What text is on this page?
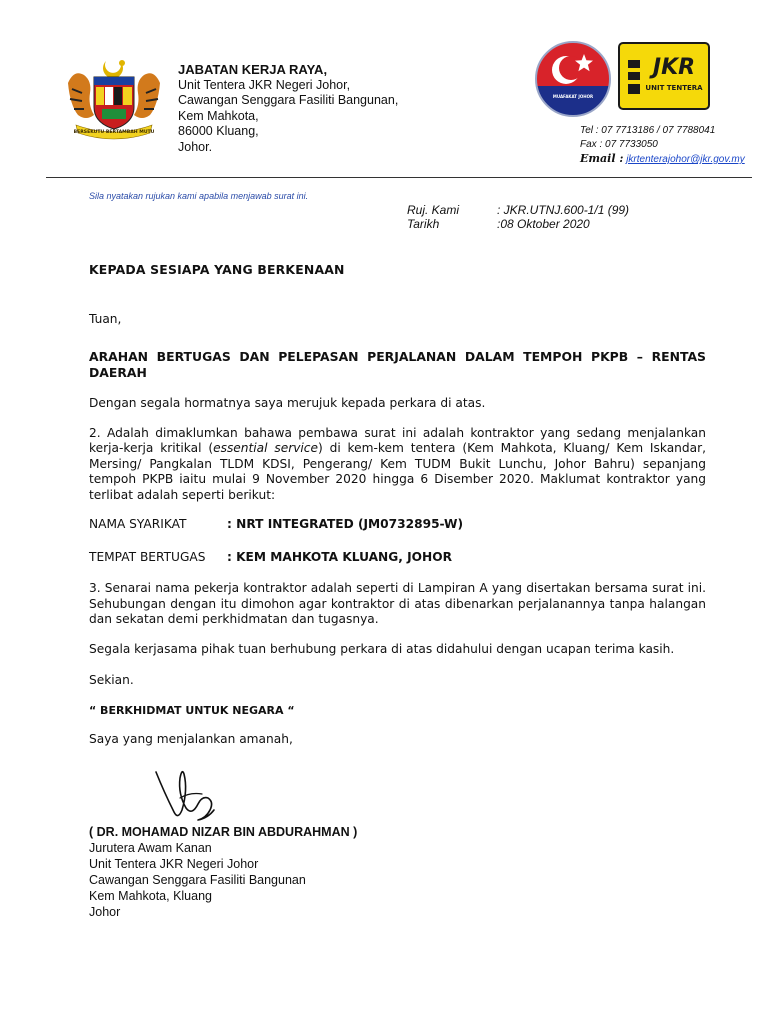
BERSEKUTU BERTAMBAH MUTU
JABATAN KERJA RAYA,
Unit Tentera JKR Negeri Johor,
Cawangan Senggara Fasiliti Bangunan,
Kem Mahkota,
86000 Kluang,
Johor.
MUAFAKAT JOHOR
JKR
UNIT TENTERA
Tel : 07 7713186 / 07 7788041
Fax : 07 7733050
Email : jkrtenterajohor@jkr.gov.my
Sila nyatakan rujukan kami apabila menjawab surat ini.
Ruj. Kami	: JKR.UTNJ.600-1/1 (99)
Tarikh	:08 Oktober 2020

KEPADA SESIAPA YANG BERKENAAN

Tuan,

ARAHAN BERTUGAS DAN PELEPASAN PERJALANAN DALAM TEMPOH PKPB – RENTAS DAERAH

Dengan segala hormatnya saya merujuk kepada perkara di atas.

2. Adalah dimaklumkan bahawa pembawa surat ini adalah kontraktor yang sedang menjalankan kerja-kerja kritikal (essential service) di kem-kem tentera (Kem Mahkota, Kluang/ Kem Iskandar, Mersing/ Pangkalan TLDM KDSI, Pengerang/ Kem TUDM Bukit Lunchu, Johor Bahru) sepanjang tempoh PKPB iaitu mulai 9 November 2020 hingga 6 Disember 2020. Maklumat kontraktor yang terlibat adalah seperti berikut:

NAMA SYARIKAT	: NRT INTEGRATED (JM0732895-W)

TEMPAT BERTUGAS : KEM MAHKOTA KLUANG, JOHOR

3. Senarai nama pekerja kontraktor adalah seperti di Lampiran A yang disertakan bersama surat ini. Sehubungan dengan itu dimohon agar kontraktor di atas dibenarkan perjalanannya tanpa halangan dan sekatan demi perkhidmatan dan tugasnya.

Segala kerjasama pihak tuan berhubung perkara di atas didahului dengan ucapan terima kasih.

Sekian.

“ BERKHIDMAT UNTUK NEGARA “

Saya yang menjalankan amanah,

( DR. MOHAMAD NIZAR BIN ABDURAHMAN )
Jurutera Awam Kanan
Unit Tentera JKR Negeri Johor
Cawangan Senggara Fasiliti Bangunan
Kem Mahkota, Kluang
Johor
